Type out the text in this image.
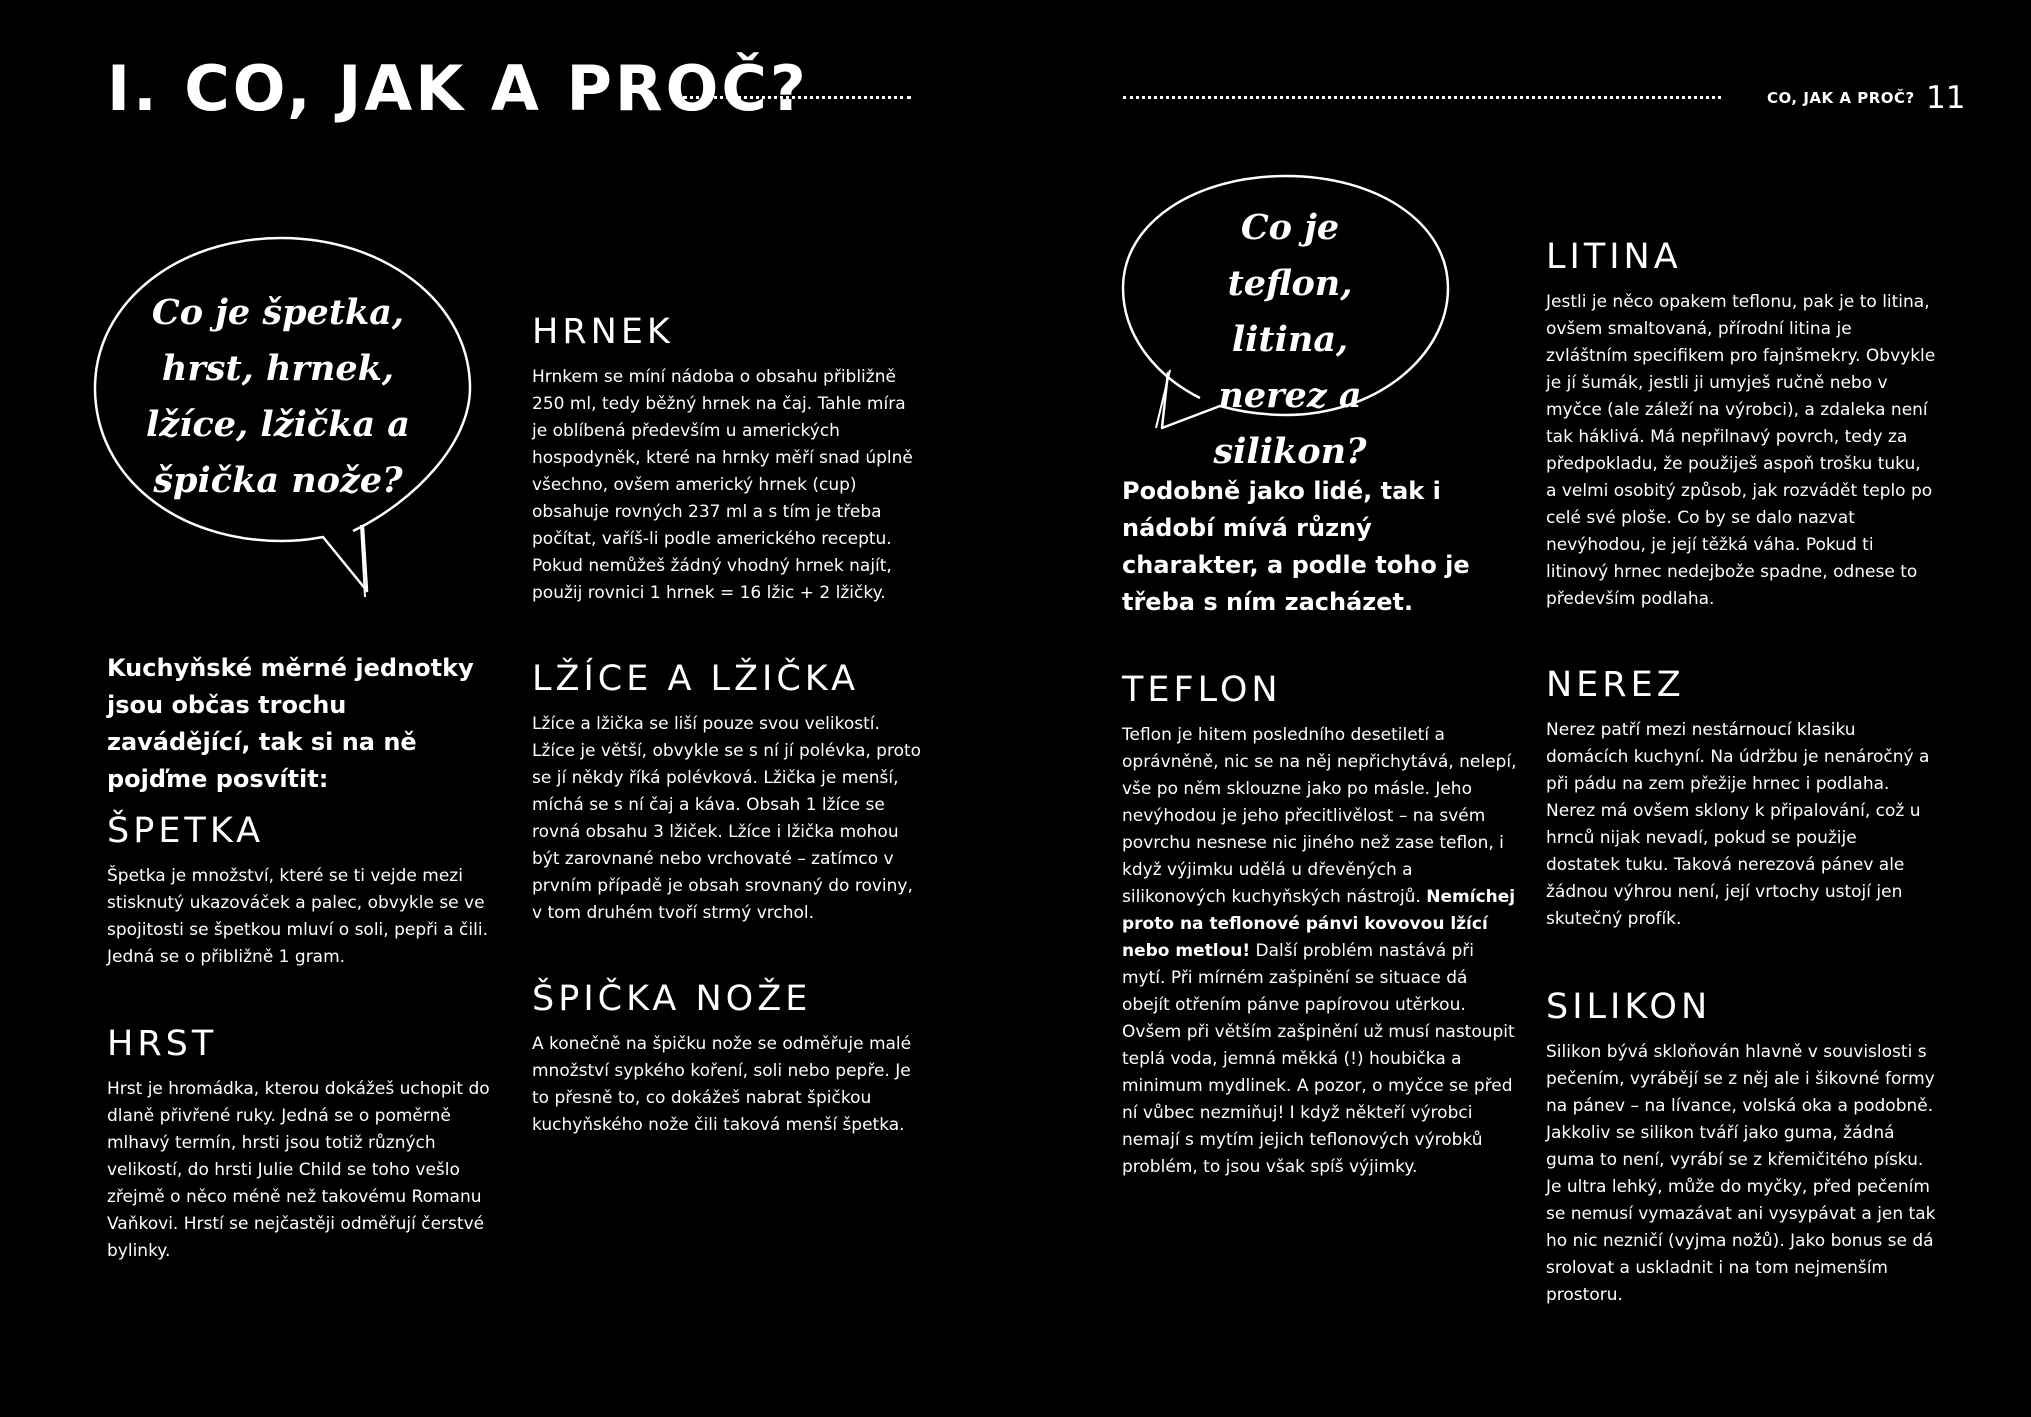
I. CO, JAK A PROČ?	CO, JAK A PROČ? 11
Co je špetka, hrst, hrnek, lžíce, lžička a špička nože?
Co je teflon, litina, nerez a silikon?
Kuchyňské měrné jednotky jsou občas trochu zavádějící, tak si na ně pojďme posvítit:
ŠPETKA
Špetka je množství, které se ti vejde mezi stisknutý ukazováček a palec, obvykle se ve spojitosti se špetkou mluví o soli, pepři a čili. Jedná se o přibližně 1 gram.
HRST
Hrst je hromádka, kterou dokážeš uchopit do dlaně přivřené ruky. Jedná se o poměrně mlhavý termín, hrsti jsou totiž různých velikostí, do hrsti Julie Child se toho vešlo zřejmě o něco méně než takovému Romanu Vaňkovi. Hrstí se nejčastěji odměřují čerstvé bylinky.
HRNEK
Hrnkem se míní nádoba o obsahu přibližně 250 ml, tedy běžný hrnek na čaj. Tahle míra je oblíbená především u amerických hospodyněk, které na hrnky měří snad úplně všechno, ovšem americký hrnek (cup) obsahuje rovných 237 ml a s tím je třeba počítat, vaříš-li podle amerického receptu. Pokud nemůžeš žádný vhodný hrnek najít, použij rovnici 1 hrnek = 16 lžic + 2 lžičky.
LŽÍCE A LŽIČKA
Lžíce a lžička se liší pouze svou velikostí. Lžíce je větší, obvykle se s ní jí polévka, proto se jí někdy říká polévková. Lžička je menší, míchá se s ní čaj a káva. Obsah 1 lžíce se rovná obsahu 3 lžiček. Lžíce i lžička mohou být zarovnané nebo vrchovaté – zatímco v prvním případě je obsah srovnaný do roviny, v tom druhém tvoří strmý vrchol.
ŠPIČKA NOŽE
A konečně na špičku nože se odměřuje malé množství sypkého koření, soli nebo pepře. Je to přesně to, co dokážeš nabrat špičkou kuchyňského nože čili taková menší špetka.
Podobně jako lidé, tak i nádobí mívá různý charakter, a podle toho je třeba s ním zacházet.
TEFLON
Teflon je hitem posledního desetiletí a oprávněně, nic se na něj nepřichytává, nelepí, vše po něm sklouzne jako po másle. Jeho nevýhodou je jeho přecitlivělost – na svém povrchu nesnese nic jiného než zase teflon, i když výjimku udělá u dřevěných a silikonových kuchyňských nástrojů. Nemíchej proto na teflonové pánvi kovovou lžící nebo metlou! Další problém nastává při mytí. Při mírném zašpinění se situace dá obejít otřením pánve papírovou utěrkou. Ovšem při větším zašpinění už musí nastoupit teplá voda, jemná měkká (!) houbička a minimum mydlinek. A pozor, o myčce se před ní vůbec nezmiňuj! I když někteří výrobci nemají s mytím jejich teflonových výrobků problém, to jsou však spíš výjimky.
LITINA
Jestli je něco opakem teflonu, pak je to litina, ovšem smaltovaná, přírodní litina je zvláštním specifikem pro fajnšmekry. Obvykle je jí šumák, jestli ji umyješ ručně nebo v myčce (ale záleží na výrobci), a zdaleka není tak háklivá. Má nepřilnavý povrch, tedy za předpokladu, že použiješ aspoň trošku tuku, a velmi osobitý způsob, jak rozvádět teplo po celé své ploše. Co by se dalo nazvat nevýhodou, je její těžká váha. Pokud ti litinový hrnec nedejbože spadne, odnese to především podlaha.
NEREZ
Nerez patří mezi nestárnoucí klasiku domácích kuchyní. Na údržbu je nenáročný a při pádu na zem přežije hrnec i podlaha. Nerez má ovšem sklony k připalování, což u hrnců nijak nevadí, pokud se použije dostatek tuku. Taková nerezová pánev ale žádnou výhrou není, její vrtochy ustojí jen skutečný profík.
SILIKON
Silikon bývá skloňován hlavně v souvislosti s pečením, vyrábějí se z něj ale i šikovné formy na pánev – na lívance, volská oka a podobně. Jakkoliv se silikon tváří jako guma, žádná guma to není, vyrábí se z křemičitého písku. Je ultra lehký, může do myčky, před pečením se nemusí vymazávat ani vysypávat a jen tak ho nic nezničí (vyjma nožů). Jako bonus se dá srolovat a uskladnit i na tom nejmenším prostoru.
